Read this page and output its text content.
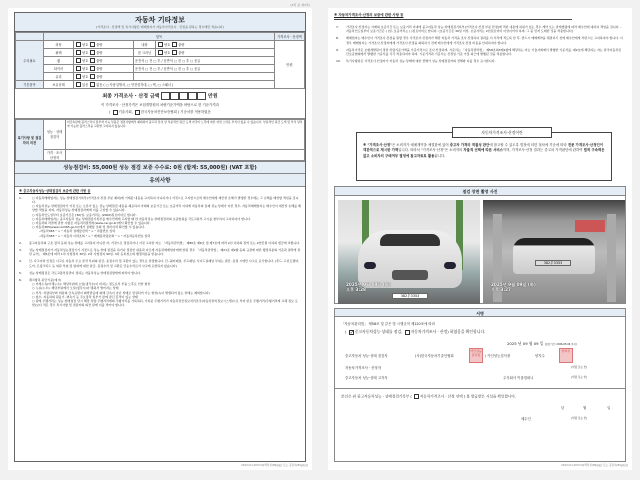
(4쪽 중 제3쪽)
자동차 기타정보
(가격조사 · 산정액 및 특기사항은 매매업자가 자동차가격조사 · 산정을 원하는 경우에만 적습니다)
	항목				가격조사 · 산정액
수리필요	외장	양호 불량	내장	양호 불량	만원
	광택	양호 불량	룸 크리닝	양호 불량	
	휠	양호 불량	운전석 □ 전 □ 후 / 동반석 □ 전 □ 후 □ 응급		
	타이어	양호 불량	운전석 □ 전 □ 후 / 동반석 □ 전 □ 후 □ 응급		
	유리	양호 불량			
기본품목	보유상태	있음 없음 ( □ 사용설명서, □ 안전삼각대, □ 잭, □ 스패너 )			
최종 가격조사 · 산정 금액	만원
이 가격조사 · 산정가격은 보험개발원의 차량기준가액을 바탕으로 한 기준가격과
( 기술사회, 한국자동차진단보증협회 ) 기준서를 적용하였음
특기사항 및 점검자의 의견	성능 · 상태 점검자	비금속판재 플라스틱이 탈부착 가능 부품은 점검사항에서 제외되어 중고차 특성 상 부분적인 판금 도색 자국이 노후에 따른 자연 스러운 부식이 있을 수 있습니다. 부분적인 판금 도색 및 부식 탈부착 가능한 플라스틱을 교환한 고지하지 않습니다.
	가격 · 조사 산정자	
성능점검비: 55,000원 성능 점검 보증 수수료: 0원 (합계: 55,000원) (VAT 포함)
유의사항
※ 중고자동차성능·상태점검의 보증에 관한 사항 등
1.	○ 자동차매매업자는 성능·상태점검기록부(가격조사·산정 부분 제외)에 기재된 내용을 고지하지 아니하거나 거짓으로 고지함으로써 매수인에게 재산상 손해가 발생한 경우에는 그 손해를 배상할 책임을 집니다.
○ 자동차성능·상태점검자가 거짓 또는 오류가 있는 성능·상태점검 내용을 제공하여 아래의 보증기간 또는 보증거리 이내에 자동차의 실제 성능·상태가 다른 경우, 자동차매매업자는 매수인이 재산상 손해를 배상할 책임을 지며, 자동차성능·상태점검자에게 이를 구상할 수 있습니다.
○ 자동차인도일부터 보증기간은 (30)일, 보증거리는 (2000)킬로미터로 합니다.
○ 자동차매매업자는 중고자동차 성능·상태점검기록부를 매수인에게 고지할 때 한 자동차성능·상태점검자의 보증범위를 국토교통부 고시를 참부하여 고지하여야 합니다.
○ 자동차의 리콜에 관한 사항은 자동차리콜센터(www.car.go.kr)에서 확인할 수 있습니다.
○ 자동차365(www.car365.go.kr)에서 실매물 조회 및 정비이력 확인할 수 있습니다.
-자동차365 " > " 자동차 실매물검색 " > " 차량번호 입력
-자동차365 " > " 자동차 이력조회 " > " 매매용차량조회 " > " 자동차등록번호 입력
2.	중고자동차의 구조·장치 등의 성능·상태를 고지하지 아니한 자, 거짓으로 점검하거나 거짓 고지한 자는 「자동차관리법」 제80조 제6호 및 제7호에 따라 2년 이하의 징역 또는 2천만원 이하의 벌금에 처합니다.
3.	성능·상태점검자가 자동차성능점검기기 거짓으로 성능·상태 점검을 하거나 점검한 내용과 다르게 자동차매매업자에게 알린 경우 「자동차관리법」 제21조 제2항 등의 규정에 따른 행정처분의 기준과 절차에 관한 규칙」 제5조에 따라 1차 사업정지 30일, 2차 사업정지 90일, 3차 등록취소의 행정처분을 받습니다.
4.	단, 사고이력 인정은 사고로 자동차 주요 골격 부위의 판금, 용접수리 및 교환이 있는 경우로 한정합니다. 단, 쿼터패널, 루프패널, 사이드실패널 부위는 절단, 용접 시에만 사고로 표기합니다. (후드, 프론트펜더, 도어, 트렁크리드 등 외판 부위 및 범퍼에 대한 판금, 용접수리 및 교환은 단순수리로서 사고에 포함되지 않습니다)
5.	성능·상태점검은 국토교통부장관이 정하는 자동차성능·상태점검방법에 따라야 합니다.
6.	체크항목 판단기준(예시)
○ 미세누유(미세누수): 해당부위에 오일(냉각수)이 비치는 정도로서 부품 노후로 인한 현상
○ 누유(누수): 해당부위에서 오일(냉각수)이 맺혀서 떨어지는 상태
○ 부식: 차량하부와 외판의 금속표면이 화학반응에 의해 금속이 아닌 상태로 상실되어 가는 현상(녹이 발생되어 있는 상태는 제외합니다)
○ 침수: 자동차의 원동기, 변속기 등 주요장치 일부가 물에 잠긴 흔적이 있는 상태
○ 판매 주행거리는 성능·상태점검 당시 해당 차량 주행거리계의 주행거리를 기록하되, 기록된 주행거리가 자동차전산정보처리조직(자동차관리정보시스템)으로 부터 받은 주행거리(주행거리계 교체 정보 포함)보다 적은 경우 특기사항 및 점검자의 의견 란에 이를 적어야 합니다.
210mm×297mm[백상지(80g/㎡) 또는 중질지(80g/㎡)]
※ 자동차가격조사·산정의 보증에 관한 사항 등
7.	가격조사·산정자는 아래의 보증기간 또는 보증거리 이내에 중고자동차 성능·상태점검기록부(가격조사·산정 부분 한정)에 적힌 내용에 허위가 있는 경우 계약 또는 관계법령에 따라 매수인에 대하여 책임을 집니다. -자동차인도일부터 보증기간은 ( )일, 보증거리는 ( )킬로미터로 합니다. (보증기간은 30일 이상, 보증거리는 2천킬로미터 이상이어야 하며, 그 중 먼저 도래한 것을 적용합니다)
8.	매매업자는 매수인이 가격조사·산정을 원할 경우 가격조사·산정자가 해당 자동차 가격을 조사·산정하여 결과를 이 서식에 적도록 한 후, 반드시 매매계약을 체결하기 전에 매수인에게 서면으로 고지하여야 합니다. 이 경우 매매업자는 가격조사·산정자에게 가격조사·산정을 의뢰하기 전에 매수인에게 가격조사·산정 비용을 안내하여야 합니다.
9.	자동차가격은 보험개발원이 정한 차량기준가액을 기준가격으로 조사·산정하며, 기준서는 「자동차관리법」 제58조의3제1항에 해당하는 자는 기술사회에서 발행한 기준서를, 제2호에 해당하는 자는 한국자동차진단보증협회에서 발행한 기준서를 각각 적용하여야 하며, 기준가격과 기준서는 산정일 기준 가장 최근에 발행된 것을 적용합니다.
10.	특기사항란은 가격조사·산정자가 자동차 성능·상태에 대한 견해가 성능·상태점검자의 견해와 다를 경우 표시합니다.
자동차가격조사·산정이란
※ "가격조사·산정"은 소비자가 매매계약을 체결함에 있어 중고차 가격의 적절성 판단에 참고할 수 있도록 법정에 의한 절차에 기준에 따라 전문 가격조사·산정인이 객관적으로 제시한 가액입니다. 따라서 "가격조사·산정"은 소비자의 자율적 선택에 따른 서비스이며, 가격조사·산정 결과는 중고차 가격판단에 관하여 법적 구속력은 없고 소비자의 구매여부 결정에 참고자료로 활용됩니다.
점검 장면 촬영 사진
382우3353
2025년 9월 09일 (화)
오후 3:28
382우3353
2025년 9월 09일 (화)
오후 3:27
서명
「자동차관리법」 제58조 및 같은 법 시행규칙 제120조에 따라
( ✓중고자동차성능·상태를 점검, 자동차가격조사 · 산정) 하였음을 확인합니다.
2025 년 09 월 09 일 (보증기간: 2026-05-06 까지)
중고자동차 성능·상태 점검자	(사)한국자동차기술인협회
카인성능검사장	/ 카인성능검사장	양지수
양지수
자동차가격조사 · 산정자	(서명 또는 인)
중고자동차 성능·상태 고지자	주식회사 이룸컴퍼니	(서명 또는 인)
본인은 위 중고자동차성능 · 상태점검기록부 ( 자동차가격조사 · 산정 선택 ) 를 발급받은 사실을 확인합니다.
년	월	일
매수인	(서명 또는 인)
210mm×297mm[백상지(80g/㎡) 또는 중질지(80g/㎡)]
